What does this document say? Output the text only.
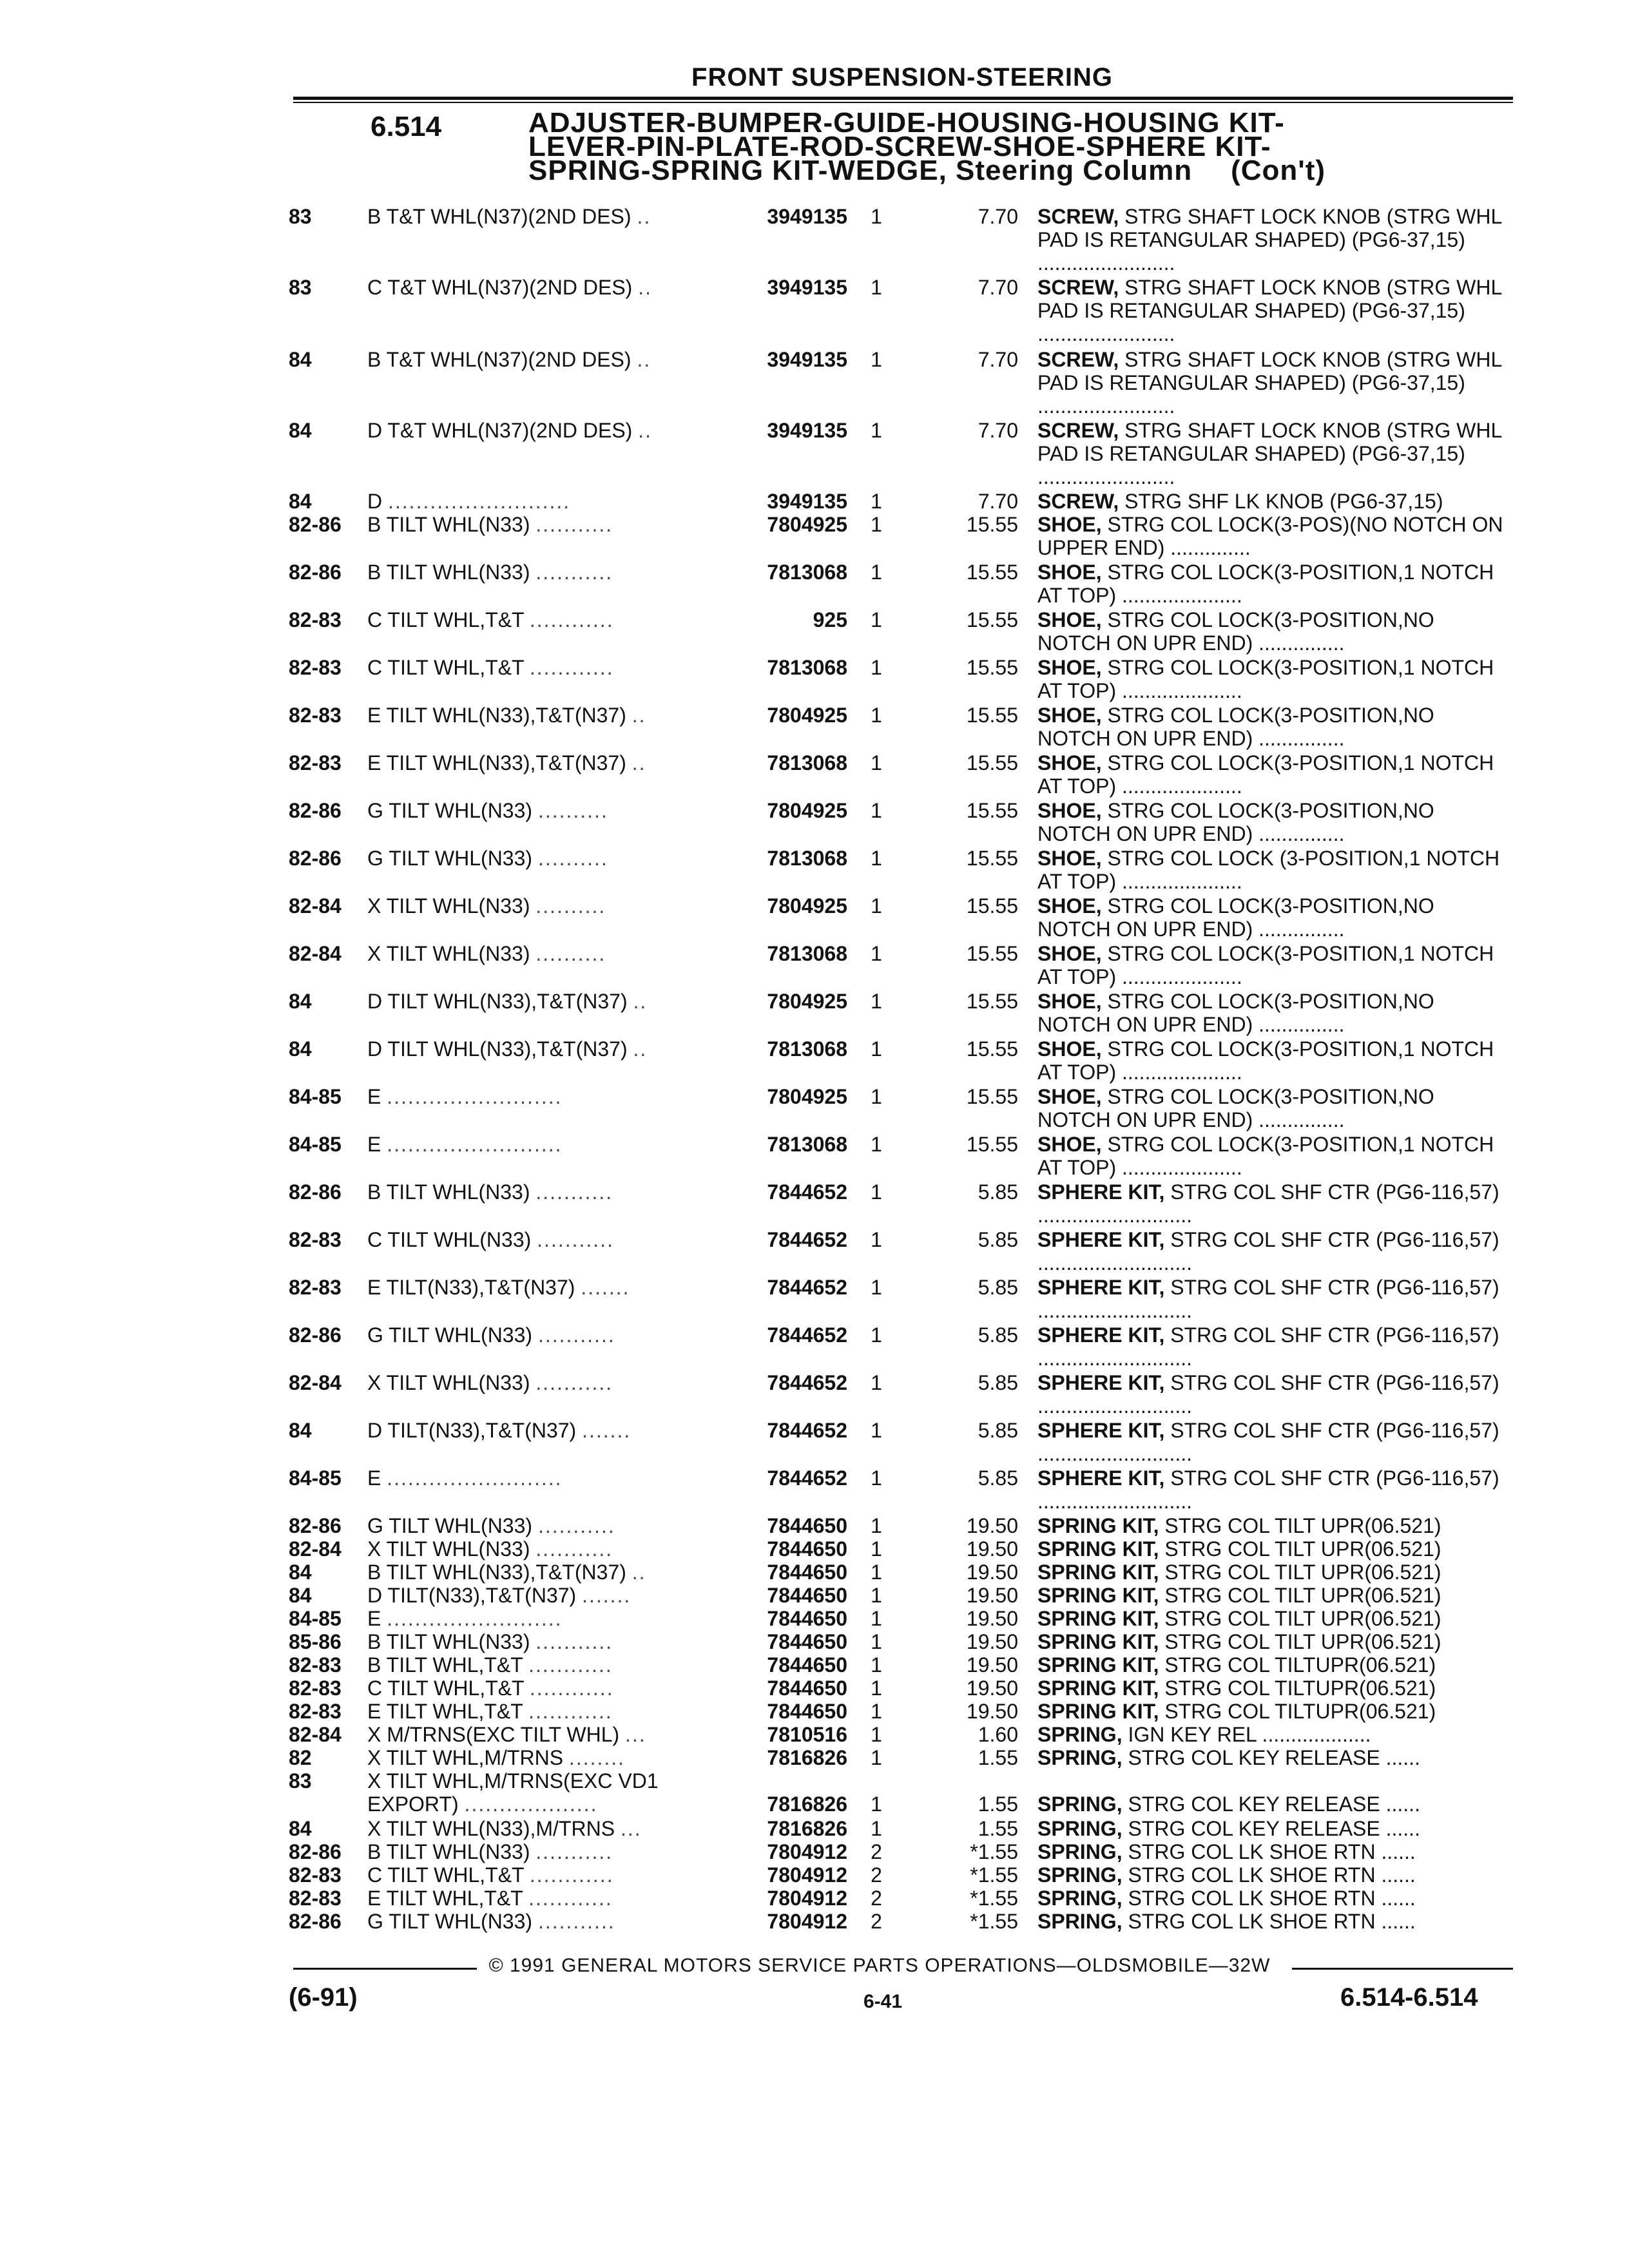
FRONT SUSPENSION-STEERING
6.514	ADJUSTER-BUMPER-GUIDE-HOUSING-HOUSING KIT-
LEVER-PIN-PLATE-ROD-SCREW-SHOE-SPHERE KIT-
SPRING-SPRING KIT-WEDGE, Steering Column (Con't)
83	B T&T WHL(N37)(2ND DES) ..	3949135	1	7.70 SCREW, STRG SHAFT LOCK KNOB (STRG WHL PAD IS RETANGULAR SHAPED) (PG6-37,15) ........................
83	C T&T WHL(N37)(2ND DES) ..	3949135	1	7.70 SCREW, STRG SHAFT LOCK KNOB (STRG WHL PAD IS RETANGULAR SHAPED) (PG6-37,15) ........................
84	B T&T WHL(N37)(2ND DES) ..	3949135	1	7.70 SCREW, STRG SHAFT LOCK KNOB (STRG WHL PAD IS RETANGULAR SHAPED) (PG6-37,15) ........................
84	D T&T WHL(N37)(2ND DES) ..	3949135	1	7.70 SCREW, STRG SHAFT LOCK KNOB (STRG WHL PAD IS RETANGULAR SHAPED) (PG6-37,15) ........................
84	D ..........................	3949135	1	7.70 SCREW, STRG SHF LK KNOB (PG6-37,15)
82-86 B TILT WHL(N33) ...........	7804925	1	15.55 SHOE, STRG COL LOCK(3-POS)(NO NOTCH ON UPPER END) ..............
82-86 B TILT WHL(N33) ...........	7813068	1	15.55 SHOE, STRG COL LOCK(3-POSITION,1 NOTCH AT TOP) .....................
82-83 C TILT WHL,T&T ............	925	1	15.55 SHOE, STRG COL LOCK(3-POSITION,NO NOTCH ON UPR END) ...............
82-83 C TILT WHL,T&T ............	7813068	1	15.55 SHOE, STRG COL LOCK(3-POSITION,1 NOTCH AT TOP) .....................
82-83 E TILT WHL(N33),T&T(N37) ..	7804925	1	15.55 SHOE, STRG COL LOCK(3-POSITION,NO NOTCH ON UPR END) ...............
82-83 E TILT WHL(N33),T&T(N37) ..	7813068	1	15.55 SHOE, STRG COL LOCK(3-POSITION,1 NOTCH AT TOP) .....................
82-86 G TILT WHL(N33) ..........	7804925	1	15.55 SHOE, STRG COL LOCK(3-POSITION,NO NOTCH ON UPR END) ...............
82-86 G TILT WHL(N33) ..........	7813068	1	15.55 SHOE, STRG COL LOCK (3-POSITION,1 NOTCH AT TOP) .....................
82-84 X TILT WHL(N33) ..........	7804925	1	15.55 SHOE, STRG COL LOCK(3-POSITION,NO NOTCH ON UPR END) ...............
82-84 X TILT WHL(N33) ..........	7813068	1	15.55 SHOE, STRG COL LOCK(3-POSITION,1 NOTCH AT TOP) .....................
84	D TILT WHL(N33),T&T(N37) ..	7804925	1	15.55 SHOE, STRG COL LOCK(3-POSITION,NO NOTCH ON UPR END) ...............
84	D TILT WHL(N33),T&T(N37) ..	7813068	1	15.55 SHOE, STRG COL LOCK(3-POSITION,1 NOTCH AT TOP) .....................
84-85 E .........................	7804925	1	15.55 SHOE, STRG COL LOCK(3-POSITION,NO NOTCH ON UPR END) ...............
84-85 E .........................	7813068	1	15.55 SHOE, STRG COL LOCK(3-POSITION,1 NOTCH AT TOP) .....................
82-86 B TILT WHL(N33) ...........	7844652	1	5.85 SPHERE KIT, STRG COL SHF CTR (PG6-116,57) ...........................
82-83 C TILT WHL(N33) ...........	7844652	1	5.85 SPHERE KIT, STRG COL SHF CTR (PG6-116,57) ...........................
82-83 E TILT(N33),T&T(N37) .......	7844652	1	5.85 SPHERE KIT, STRG COL SHF CTR (PG6-116,57) ...........................
82-86 G TILT WHL(N33) ...........	7844652	1	5.85 SPHERE KIT, STRG COL SHF CTR (PG6-116,57) ...........................
82-84 X TILT WHL(N33) ...........	7844652	1	5.85 SPHERE KIT, STRG COL SHF CTR (PG6-116,57) ...........................
84	D TILT(N33),T&T(N37) .......	7844652	1	5.85 SPHERE KIT, STRG COL SHF CTR (PG6-116,57) ...........................
84-85 E .........................	7844652	1	5.85 SPHERE KIT, STRG COL SHF CTR (PG6-116,57) ...........................
82-86 G TILT WHL(N33) ...........	7844650	1	19.50 SPRING KIT, STRG COL TILT UPR(06.521)
82-84 X TILT WHL(N33) ...........	7844650	1	19.50 SPRING KIT, STRG COL TILT UPR(06.521)
84	B TILT WHL(N33),T&T(N37) ..	7844650	1	19.50 SPRING KIT, STRG COL TILT UPR(06.521)
84	D TILT(N33),T&T(N37) .......	7844650	1	19.50 SPRING KIT, STRG COL TILT UPR(06.521)
84-85 E .........................	7844650	1	19.50 SPRING KIT, STRG COL TILT UPR(06.521)
85-86 B TILT WHL(N33) ...........	7844650	1	19.50 SPRING KIT, STRG COL TILT UPR(06.521)
82-83 B TILT WHL,T&T ............	7844650	1	19.50 SPRING KIT, STRG COL TILTUPR(06.521)
82-83 C TILT WHL,T&T ............	7844650	1	19.50 SPRING KIT, STRG COL TILTUPR(06.521)
82-83 E TILT WHL,T&T ............	7844650	1	19.50 SPRING KIT, STRG COL TILTUPR(06.521)
82-84 X M/TRNS(EXC TILT WHL) ...	7810516	1	1.60 SPRING, IGN KEY REL ...................
82	X TILT WHL,M/TRNS ........	7816826	1	1.55 SPRING, STRG COL KEY RELEASE ......
83	X TILT WHL,M/TRNS(EXC VD1
EXPORT) ...................	7816826	1	1.55 SPRING, STRG COL KEY RELEASE ......
84	X TILT WHL(N33),M/TRNS ...	7816826	1	1.55 SPRING, STRG COL KEY RELEASE ......
82-86 B TILT WHL(N33) ...........	7804912	2	*1.55 SPRING, STRG COL LK SHOE RTN ......
82-83 C TILT WHL,T&T ............	7804912	2	*1.55 SPRING, STRG COL LK SHOE RTN ......
82-83 E TILT WHL,T&T ............	7804912	2	*1.55 SPRING, STRG COL LK SHOE RTN ......
82-86 G TILT WHL(N33) ...........	7804912	2	*1.55 SPRING, STRG COL LK SHOE RTN ......
© 1991 GENERAL MOTORS SERVICE PARTS OPERATIONS—OLDSMOBILE—32W
(6-91)	6-41	6.514-6.514
